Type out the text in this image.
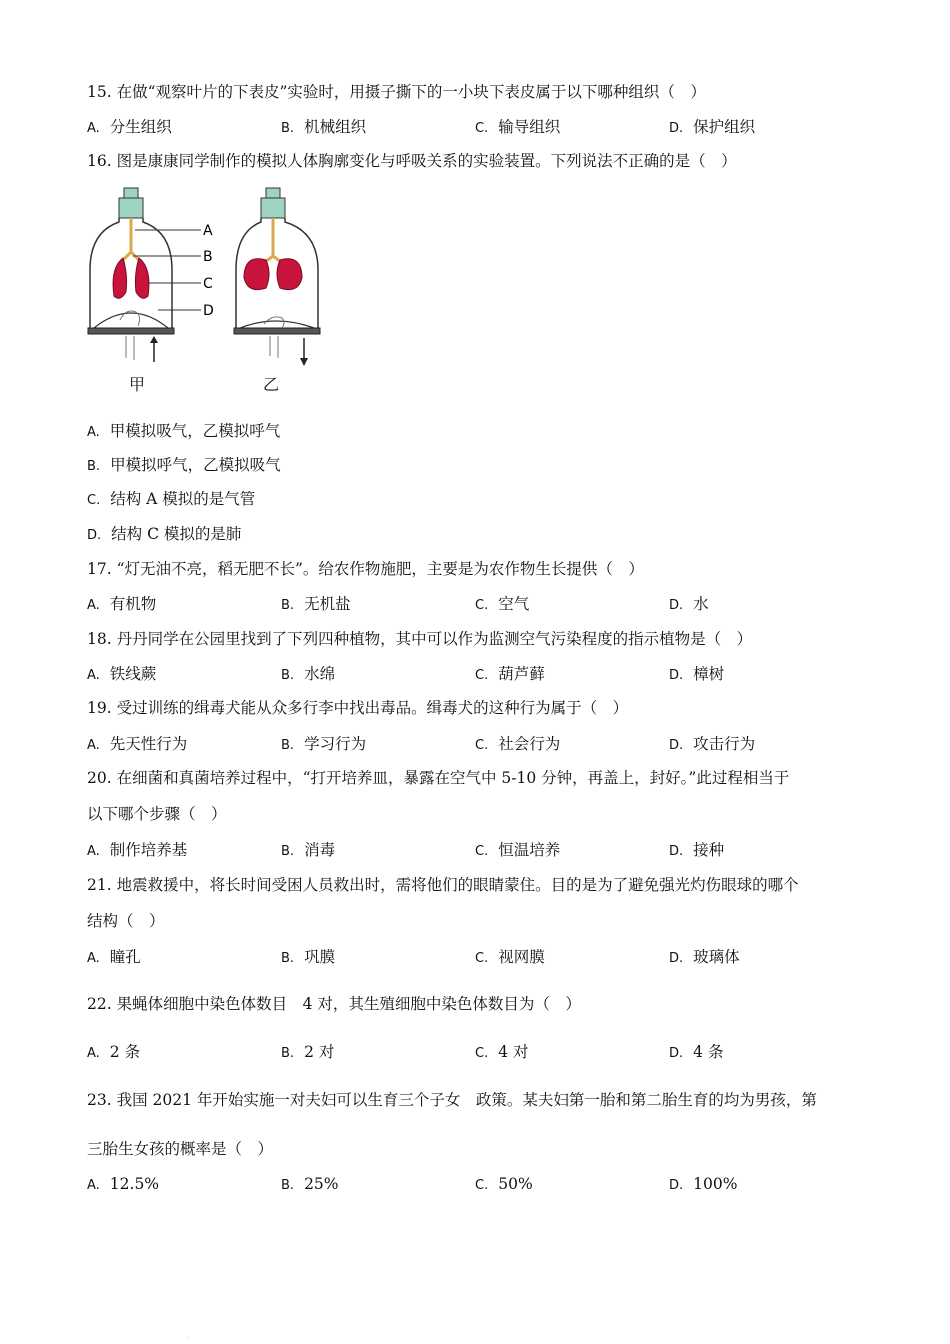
15. 在做“观察叶片的下表皮”实验时，用摄子撕下的一小块下表皮属于以下哪种组织（　）
A. 分生组织	B. 机械组织	C. 输导组织	D. 保护组织
16. 图是康康同学制作的模拟人体胸廓变化与呼吸关系的实验装置。下列说法不正确的是（　）
A
B
C
D
甲	乙
A. 甲模拟吸气，乙模拟呼气
B. 甲模拟呼气，乙模拟吸气
C. 结构 A 模拟的是气管
D. 结构 C 模拟的是肺
17. “灯无油不亮，稻无肥不长”。给农作物施肥，主要是为农作物生长提供（　）
A. 有机物	B. 无机盐	C. 空气	D. 水
18. 丹丹同学在公园里找到了下列四种植物，其中可以作为监测空气污染程度的指示植物是（　）
A. 铁线蕨	B. 水绵	C. 葫芦藓	D. 樟树
19. 受过训练的缉毒犬能从众多行李中找出毒品。缉毒犬的这种行为属于（　）
A. 先天性行为	B. 学习行为	C. 社会行为	D. 攻击行为
20. 在细菌和真菌培养过程中，“打开培养皿，暴露在空气中 5-10 分钟，再盖上，封好。”此过程相当于
以下哪个步骤（　）
A. 制作培养基	B. 消毒	C. 恒温培养	D. 接种
21. 地震救援中，将长时间受困人员救出时，需将他们的眼睛蒙住。目的是为了避免强光灼伤眼球的哪个
结构（　）
A. 瞳孔	B. 巩膜	C. 视网膜	D. 玻璃体
22. 果蝇体细胞中染色体数目　4 对，其生殖细胞中染色体数目为（　）
A. 2 条	B. 2 对	C. 4 对	D. 4 条
23. 我国 2021 年开始实施一对夫妇可以生育三个子女　政策。某夫妇第一胎和第二胎生育的均为男孩，第
三胎生女孩的概率是（　）
A. 12.5%	B. 25%	C. 50%	D. 100%
.
